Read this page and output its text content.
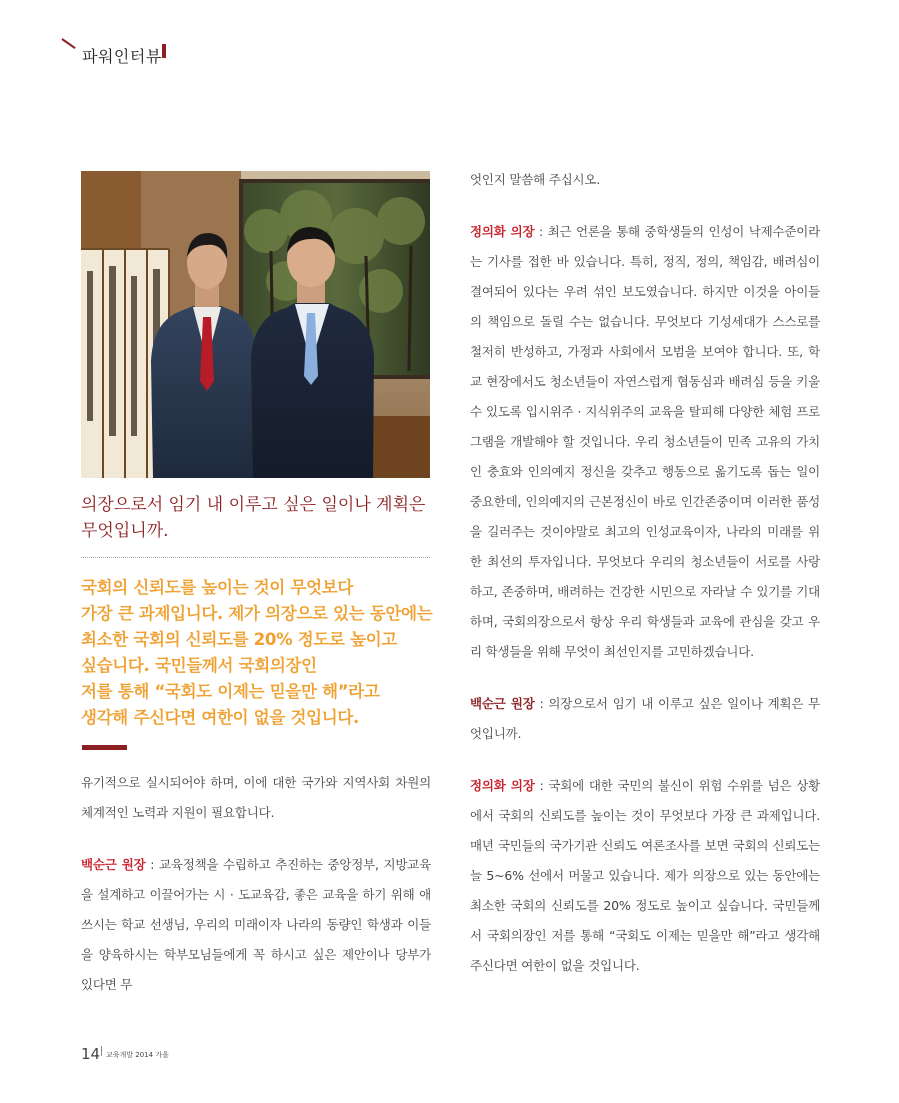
파워인터뷰
의장으로서 임기 내 이루고 싶은 일이나 계획은 무엇입니까.
국회의 신뢰도를 높이는 것이 무엇보다
가장 큰 과제입니다. 제가 의장으로 있는 동안에는
최소한 국회의 신뢰도를 20% 정도로 높이고
싶습니다. 국민들께서 국회의장인
저를 통해 “국회도 이제는 믿을만 해”라고
생각해 주신다면 여한이 없을 것입니다.

유기적으로 실시되어야 하며, 이에 대한 국가와 지역사회 차원의 체계적인 노력과 지원이 필요합니다.

백순근 원장 : 교육정책을 수립하고 추진하는 중앙정부, 지방교육을 설계하고 이끌어가는 시 · 도교육감, 좋은 교육을 하기 위해 애쓰시는 학교 선생님, 우리의 미래이자 나라의 동량인 학생과 이들을 양육하시는 학부모님들에게 꼭 하시고 싶은 제안이나 당부가 있다면 무

엇인지 말씀해 주십시오.

정의화 의장 : 최근 언론을 통해 중학생들의 인성이 낙제수준이라는 기사를 접한 바 있습니다. 특히, 정직, 정의, 책임감, 배려심이 결여되어 있다는 우려 섞인 보도였습니다. 하지만 이것을 아이들의 책임으로 돌릴 수는 없습니다. 무엇보다 기성세대가 스스로를 철저히 반성하고, 가정과 사회에서 모범을 보여야 합니다. 또, 학교 현장에서도 청소년들이 자연스럽게 협동심과 배려심 등을 키울 수 있도록 입시위주 · 지식위주의 교육을 탈피해 다양한 체험 프로그램을 개발해야 할 것입니다. 우리 청소년들이 민족 고유의 가치인 충효와 인의예지 정신을 갖추고 행동으로 옮기도록 돕는 일이 중요한데, 인의예지의 근본정신이 바로 인간존중이며 이러한 품성을 길러주는 것이야말로 최고의 인성교육이자, 나라의 미래를 위한 최선의 투자입니다. 무엇보다 우리의 청소년들이 서로를 사랑하고, 존중하며, 배려하는 건강한 시민으로 자라날 수 있기를 기대하며, 국회의장으로서 항상 우리 학생들과 교육에 관심을 갖고 우리 학생들을 위해 무엇이 최선인지를 고민하겠습니다.

백순근 원장 : 의장으로서 임기 내 이루고 싶은 일이나 계획은 무엇입니까.

정의화 의장 : 국회에 대한 국민의 불신이 위험 수위를 넘은 상황에서 국회의 신뢰도를 높이는 것이 무엇보다 가장 큰 과제입니다. 매년 국민들의 국가기관 신뢰도 여론조사를 보면 국회의 신뢰도는 늘 5~6% 선에서 머물고 있습니다. 제가 의장으로 있는 동안에는 최소한 국회의 신뢰도를 20% 정도로 높이고 싶습니다. 국민들께서 국회의장인 저를 통해 “국회도 이제는 믿을만 해”라고 생각해 주신다면 여한이 없을 것입니다.

14 교육개발 2014 가을
